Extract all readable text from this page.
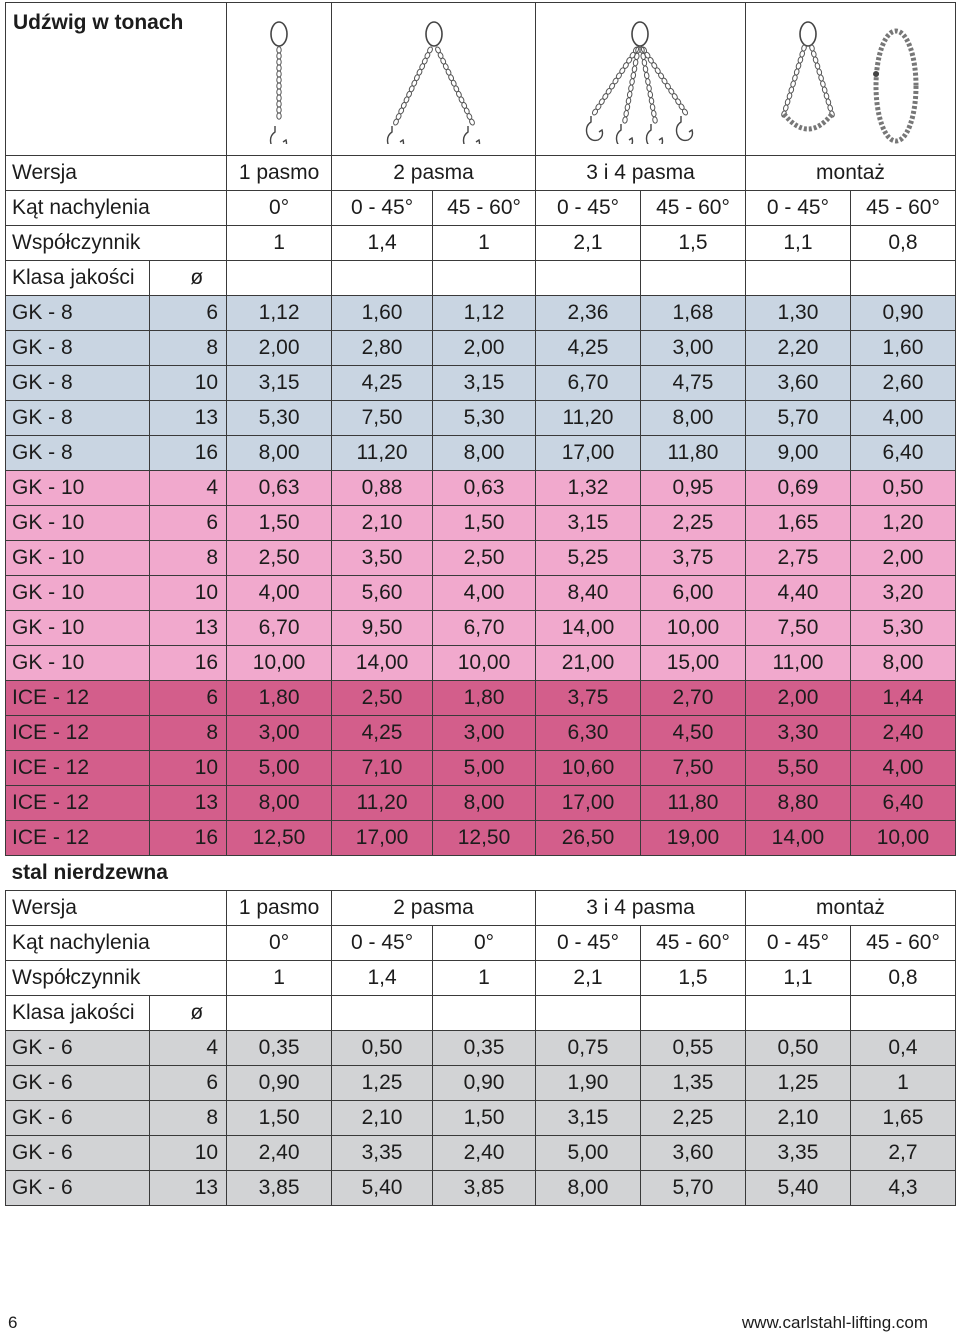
Udźwig w tonach	

Wersja		1 pasmo	2 pasma		3 i 4 pasma		montaż	
Kąt nachylenia		0°	0 - 45°	45 - 60°	0 - 45°	45 - 60°	0 - 45°	45 - 60°
Współczynnik		1	1,4	1	2,1	1,5	1,1	0,8
Klasa jakości	ø							
GK - 8	6	1,12	1,60	1,12	2,36	1,68	1,30	0,90
GK - 8	8	2,00	2,80	2,00	4,25	3,00	2,20	1,60
GK - 8	10	3,15	4,25	3,15	6,70	4,75	3,60	2,60
GK - 8	13	5,30	7,50	5,30	11,20	8,00	5,70	4,00
GK - 8	16	8,00	11,20	8,00	17,00	11,80	9,00	6,40
GK - 10	4	0,63	0,88	0,63	1,32	0,95	0,69	0,50
GK - 10	6	1,50	2,10	1,50	3,15	2,25	1,65	1,20
GK - 10	8	2,50	3,50	2,50	5,25	3,75	2,75	2,00
GK - 10	10	4,00	5,60	4,00	8,40	6,00	4,40	3,20
GK - 10	13	6,70	9,50	6,70	14,00	10,00	7,50	5,30
GK - 10	16	10,00	14,00	10,00	21,00	15,00	11,00	8,00
ICE - 12	6	1,80	2,50	1,80	3,75	2,70	2,00	1,44
ICE - 12	8	3,00	4,25	3,00	6,30	4,50	3,30	2,40
ICE - 12	10	5,00	7,10	5,00	10,60	7,50	5,50	4,00
ICE - 12	13	8,00	11,20	8,00	17,00	11,80	8,80	6,40
ICE - 12	16	12,50	17,00	12,50	26,50	19,00	14,00	10,00
stal nierdzewna								
Wersja		1 pasmo	2 pasma		3 i 4 pasma		montaż	
Kąt nachylenia		0°	0 - 45°	0°	0 - 45°	45 - 60°	0 - 45°	45 - 60°
Współczynnik		1	1,4	1	2,1	1,5	1,1	0,8
Klasa jakości	ø							
GK - 6	4	0,35	0,50	0,35	0,75	0,55	0,50	0,4
GK - 6	6	0,90	1,25	0,90	1,90	1,35	1,25	1
GK - 6	8	1,50	2,10	1,50	3,15	2,25	2,10	1,65
GK - 6	10	2,40	3,35	2,40	5,00	3,60	3,35	2,7
GK - 6	13	3,85	5,40	3,85	8,00	5,70	5,40	4,3
6	www.carlstahl-lifting.com
